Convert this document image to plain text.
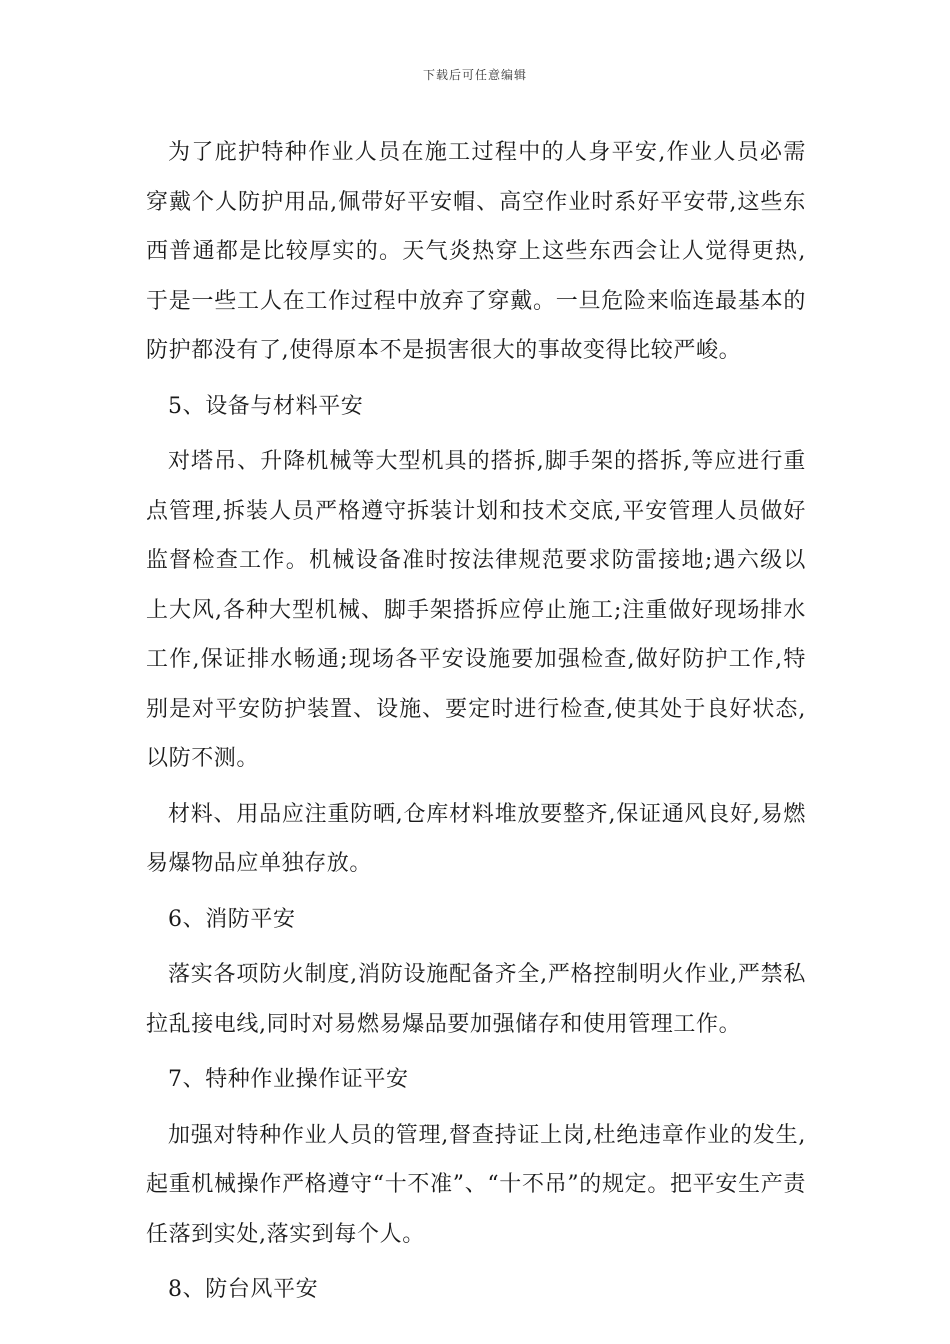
下载后可任意编辑

为了庇护特种作业人员在施工过程中的人身平安,作业人员必需穿戴个人防护用品,佩带好平安帽、高空作业时系好平安带,这些东西普通都是比较厚实的。天气炎热穿上这些东西会让人觉得更热,于是一些工人在工作过程中放弃了穿戴。一旦危险来临连最基本的防护都没有了,使得原本不是损害很大的事故变得比较严峻。

5、设备与材料平安

对塔吊、升降机械等大型机具的搭拆,脚手架的搭拆,等应进行重点管理,拆装人员严格遵守拆装计划和技术交底,平安管理人员做好监督检查工作。机械设备准时按法律规范要求防雷接地;遇六级以上大风,各种大型机械、脚手架搭拆应停止施工;注重做好现场排水工作,保证排水畅通;现场各平安设施要加强检查,做好防护工作,特别是对平安防护装置、设施、要定时进行检查,使其处于良好状态,以防不测。

材料、用品应注重防晒,仓库材料堆放要整齐,保证通风良好,易燃易爆物品应单独存放。

6、消防平安

落实各项防火制度,消防设施配备齐全,严格控制明火作业,严禁私拉乱接电线,同时对易燃易爆品要加强储存和使用管理工作。

7、特种作业操作证平安

加强对特种作业人员的管理,督查持证上岗,杜绝违章作业的发生,起重机械操作严格遵守“十不准”、“十不吊”的规定。把平安生产责任落到实处,落实到每个人。

8、防台风平安
